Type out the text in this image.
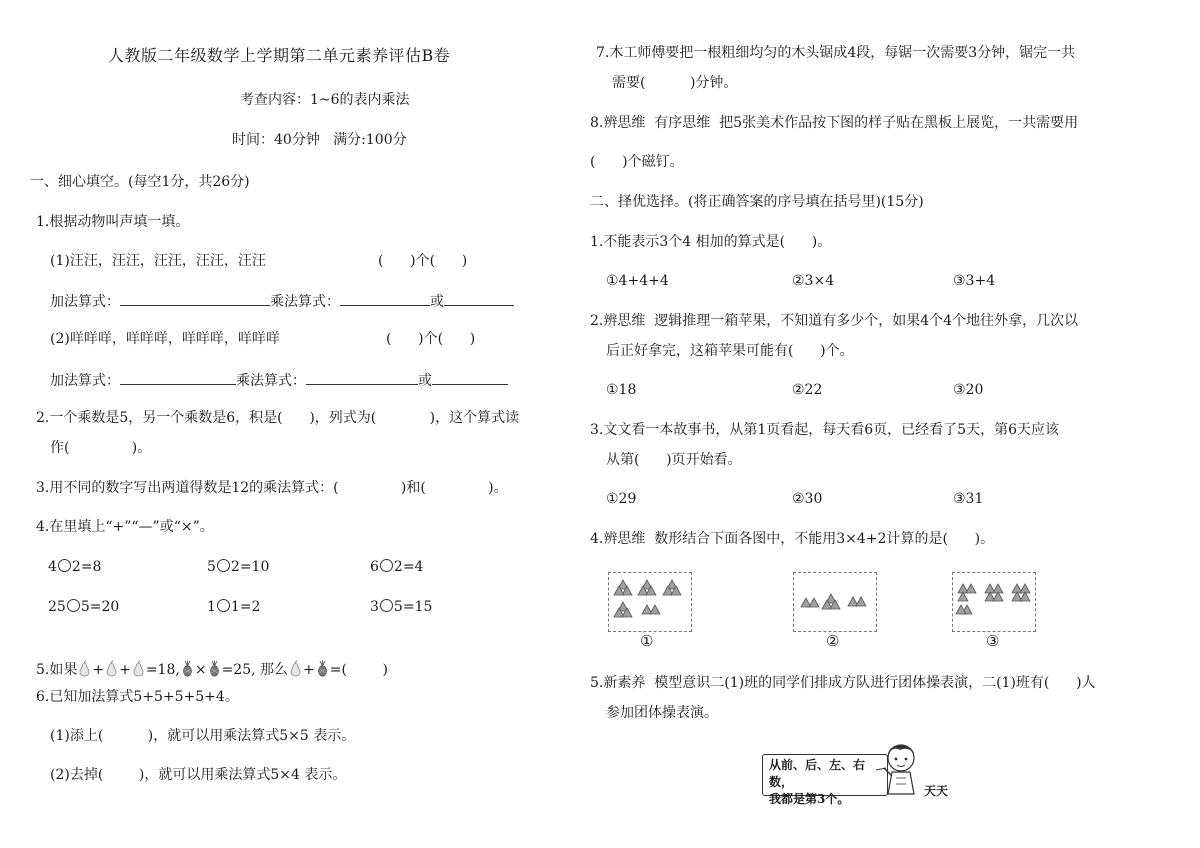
人教版二年级数学上学期第二单元素养评估B卷
考查内容：1~6的表内乘法
时间：40分钟   满分:100分
一、细心填空。(每空1分，共26分)
1.根据动物叫声填一填。
(1)汪汪，汪汪，汪汪，汪汪，汪汪	(      )个(      )
加法算式：	乘法算式：	或
(2)咩咩咩，咩咩咩，咩咩咩，咩咩咩	(      )个(      )
加法算式：	乘法算式：	或
2.一个乘数是5，另一个乘数是6，积是(      )，列式为(            )，这个算式读
作(              )。
3.用不同的数字写出两道得数是12的乘法算式：(              )和(              )。
4.在里填上“+”“—”或“×”。
4 2=8	5 2=10	6 2=4
25 5=20	1 1=2	3 5=15

5.如果 + + =18, × =25, 那么 + =(        )

6.已知加法算式5+5+5+5+4。
(1)添上(          )，就可以用乘法算式5×5 表示。
(2)去掉(        )，就可以用乘法算式5×4 表示。
7.木工师傅要把一根粗细均匀的木头锯成4段，每锯一次需要3分钟，锯完一共
需要(          )分钟。
8.辨思维  有序思维  把5张美术作品按下图的样子贴在黑板上展览，一共需要用
(      )个磁钉。
二、择优选择。(将正确答案的序号填在括号里)(15分)
1.不能表示3个4 相加的算式是(      )。
①4+4+4	②3×4	③3+4
2.辨思维  逻辑推理一箱苹果，不知道有多少个，如果4个4个地往外拿，几次以
后正好拿完，这箱苹果可能有(      )个。
①18	②22	③20
3.文文看一本故事书，从第1页看起，每天看6页，已经看了5天，第6天应该
从第(      )页开始看。
①29	②30	③31
4.辨思维  数形结合下面各图中，不能用3×4+2计算的是(      )。
①	②	③
5.新素养  模型意识二(1)班的同学们排成方队进行团体操表演，二(1)班有(      )人
参加团体操表演。
从前、后、左、右数，
我都是第3个。
天天
